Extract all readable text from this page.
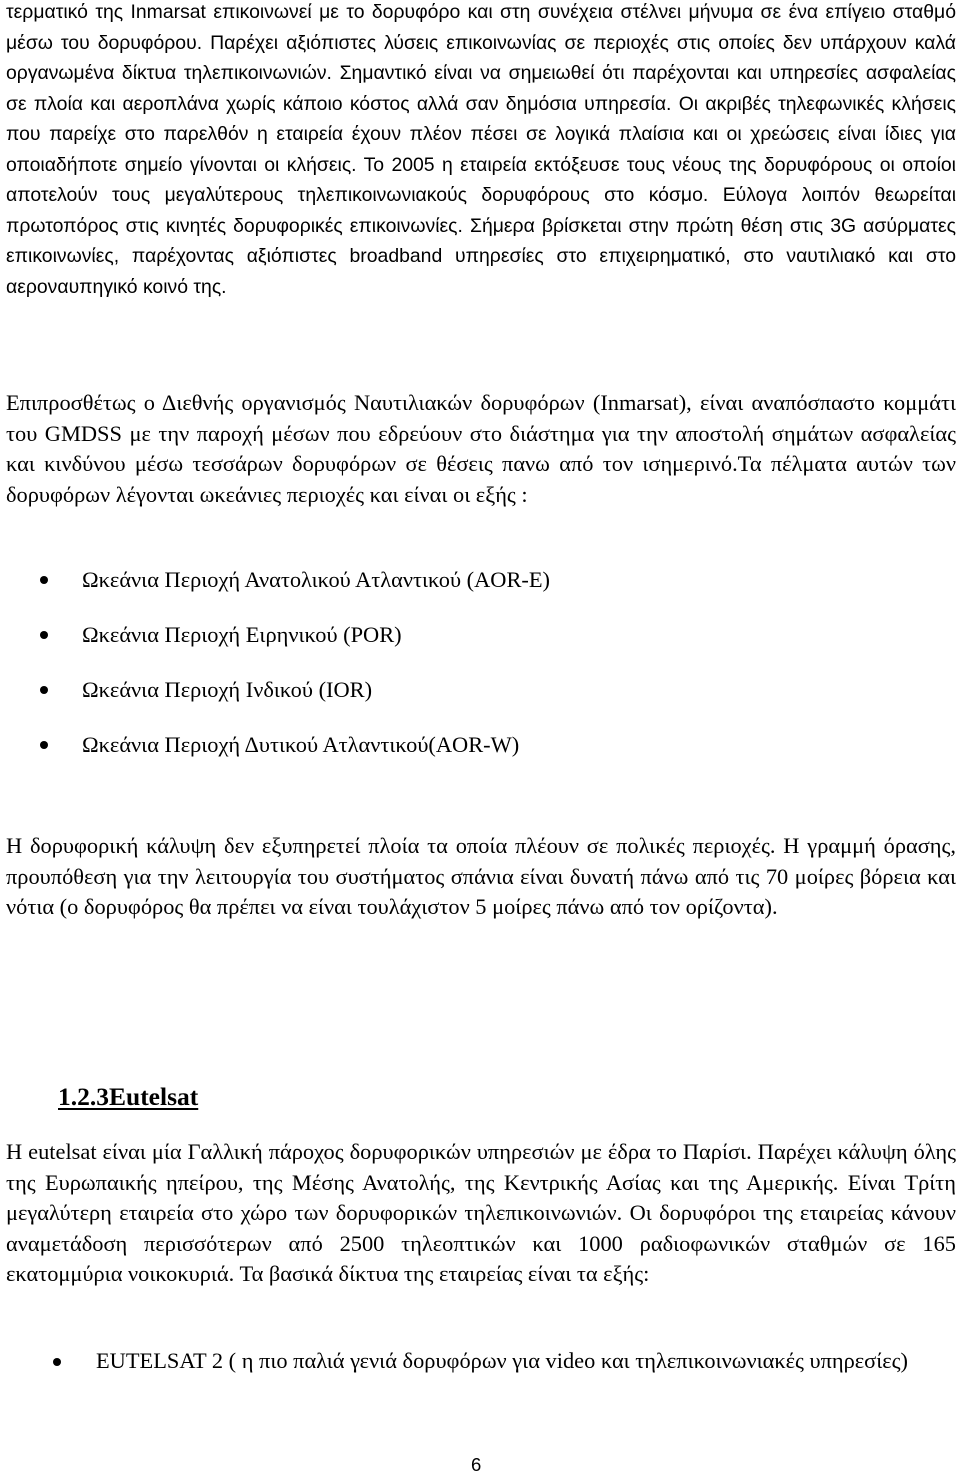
τερματικό της Inmarsat επικοινωνεί με το δορυφόρο και στη συνέχεια στέλνει μήνυμα σε ένα επίγειο σταθμό μέσω του δορυφόρου. Παρέχει αξιόπιστες λύσεις επικοινωνίας σε περιοχές στις οποίες δεν υπάρχουν καλά οργανωμένα δίκτυα τηλεπικοινωνιών. Σημαντικό είναι να σημειωθεί ότι παρέχονται και υπηρεσίες ασφαλείας σε πλοία και αεροπλάνα χωρίς κάποιο κόστος αλλά σαν δημόσια υπηρεσία. Οι ακριβές τηλεφωνικές κλήσεις που παρείχε στο παρελθόν η εταιρεία έχουν πλέον πέσει σε λογικά πλαίσια και οι χρεώσεις είναι ίδιες για οποιαδήποτε σημείο γίνονται οι κλήσεις. Το 2005 η εταιρεία εκτόξευσε τους νέους της δορυφόρους οι οποίοι αποτελούν τους μεγαλύτερους τηλεπικοινωνιακούς δορυφόρους στο κόσμο. Εύλογα λοιπόν θεωρείται πρωτοπόρος στις κινητές δορυφορικές επικοινωνίες. Σήμερα βρίσκεται στην πρώτη θέση στις 3G ασύρματες επικοινωνίες, παρέχοντας αξιόπιστες broadband υπηρεσίες στο επιχειρηματικό, στο ναυτιλιακό και στο αεροναυπηγικό κοινό της.

Επιπροσθέτως ο Διεθνής οργανισμός Ναυτιλιακών δορυφόρων (Inmarsat), είναι αναπόσπαστο κομμάτι του GMDSS με την παροχή μέσων που εδρεύουν στο διάστημα για την αποστολή σημάτων ασφαλείας και κινδύνου μέσω τεσσάρων δορυφόρων σε θέσεις πανω από τον ισημερινό.Τα πέλματα αυτών των δορυφόρων λέγονται ωκεάνιες περιοχές και είναι οι εξής :

Ωκεάνια Περιοχή Ανατολικού Ατλαντικού (AOR-E)
Ωκεάνια Περιοχή Ειρηνικού (POR)
Ωκεάνια Περιοχή Ινδικού (IOR)
Ωκεάνια Περιοχή Δυτικού Ατλαντικού(AOR-W)

Η δορυφορική κάλυψη δεν εξυπηρετεί πλοία τα οποία πλέουν σε πολικές περιοχές. Η γραμμή όρασης, προυπόθεση για την λειτουργία του συστήματος σπάνια είναι δυνατή πάνω από τις 70 μοίρες βόρεια και νότια (ο δορυφόρος θα πρέπει να είναι τουλάχιστον 5 μοίρες πάνω από τον ορίζοντα).

1.2.3Eutelsat

Η eutelsat είναι μία Γαλλική πάροχος δορυφορικών υπηρεσιών με έδρα το Παρίσι. Παρέχει κάλυψη όλης της Ευρωπαικής ηπείρου, της Μέσης Ανατολής, της Κεντρικής Ασίας και της Αμερικής. Είναι Τρίτη μεγαλύτερη εταιρεία στο χώρο των δορυφορικών τηλεπικοινωνιών. Οι δορυφόροι της εταιρείας κάνουν αναμετάδοση περισσότερων από 2500 τηλεοπτικών και 1000 ραδιοφωνικών σταθμών σε 165 εκατομμύρια νοικοκυριά. Τα βασικά δίκτυα της εταιρείας είναι τα εξής:

EUTELSAT 2 ( η πιο παλιά γενιά δορυφόρων για video και τηλεπικοινωνιακές υπηρεσίες)
6
